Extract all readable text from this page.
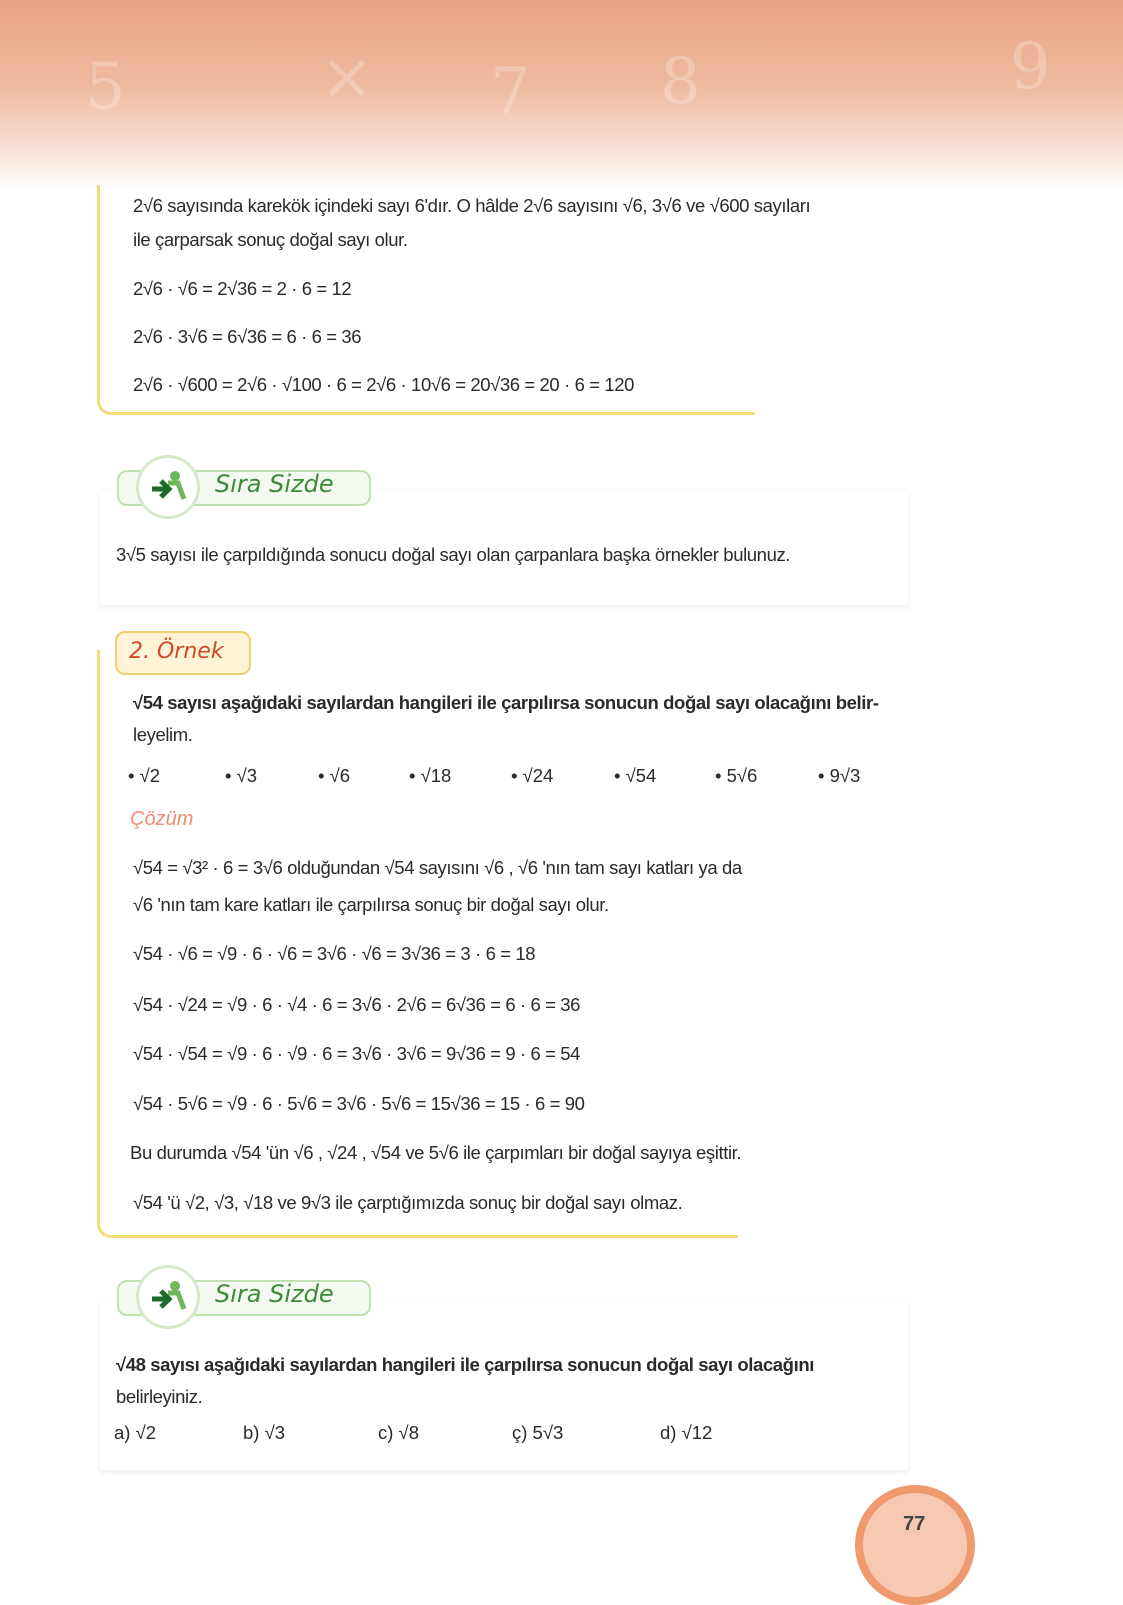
5	× 7 8	9
2√6 sayısında karekök içindeki sayı 6'dır. O hâlde 2√6 sayısını √6, 3√6 ve √600 sayıları
ile çarparsak sonuç doğal sayı olur.
2√6 · √6 = 2√36 = 2 · 6 = 12
2√6 · 3√6 = 6√36 = 6 · 6 = 36
2√6 · √600 = 2√6 · √100 · 6 = 2√6 · 10√6 = 20√36 = 20 · 6 = 120
Sıra Sizde
3√5 sayısı ile çarpıldığında sonucu doğal sayı olan çarpanlara başka örnekler bulunuz.
2. Örnek
√54 sayısı aşağıdaki sayılardan hangileri ile çarpılırsa sonucun doğal sayı olacağını belir-
leyelim.
• √2	• √3	• √6	• √18	• √24	• √54	• 5√6	• 9√3
Çözüm
√54 = √3² · 6 = 3√6 olduğundan √54 sayısını √6 , √6 'nın tam sayı katları ya da
√6 'nın tam kare katları ile çarpılırsa sonuç bir doğal sayı olur.
√54 · √6 = √9 · 6 · √6 = 3√6 · √6 = 3√36 = 3 · 6 = 18
√54 · √24 = √9 · 6 · √4 · 6 = 3√6 · 2√6 = 6√36 = 6 · 6 = 36
√54 · √54 = √9 · 6 · √9 · 6 = 3√6 · 3√6 = 9√36 = 9 · 6 = 54
√54 · 5√6 = √9 · 6 · 5√6 = 3√6 · 5√6 = 15√36 = 15 · 6 = 90
Bu durumda √54 'ün √6 , √24 , √54 ve 5√6 ile çarpımları bir doğal sayıya eşittir.
√54 'ü √2, √3, √18 ve 9√3 ile çarptığımızda sonuç bir doğal sayı olmaz.
Sıra Sizde
√48 sayısı aşağıdaki sayılardan hangileri ile çarpılırsa sonucun doğal sayı olacağını
belirleyiniz.
a) √2	b) √3	c) √8	ç) 5√3	d) √12
77
